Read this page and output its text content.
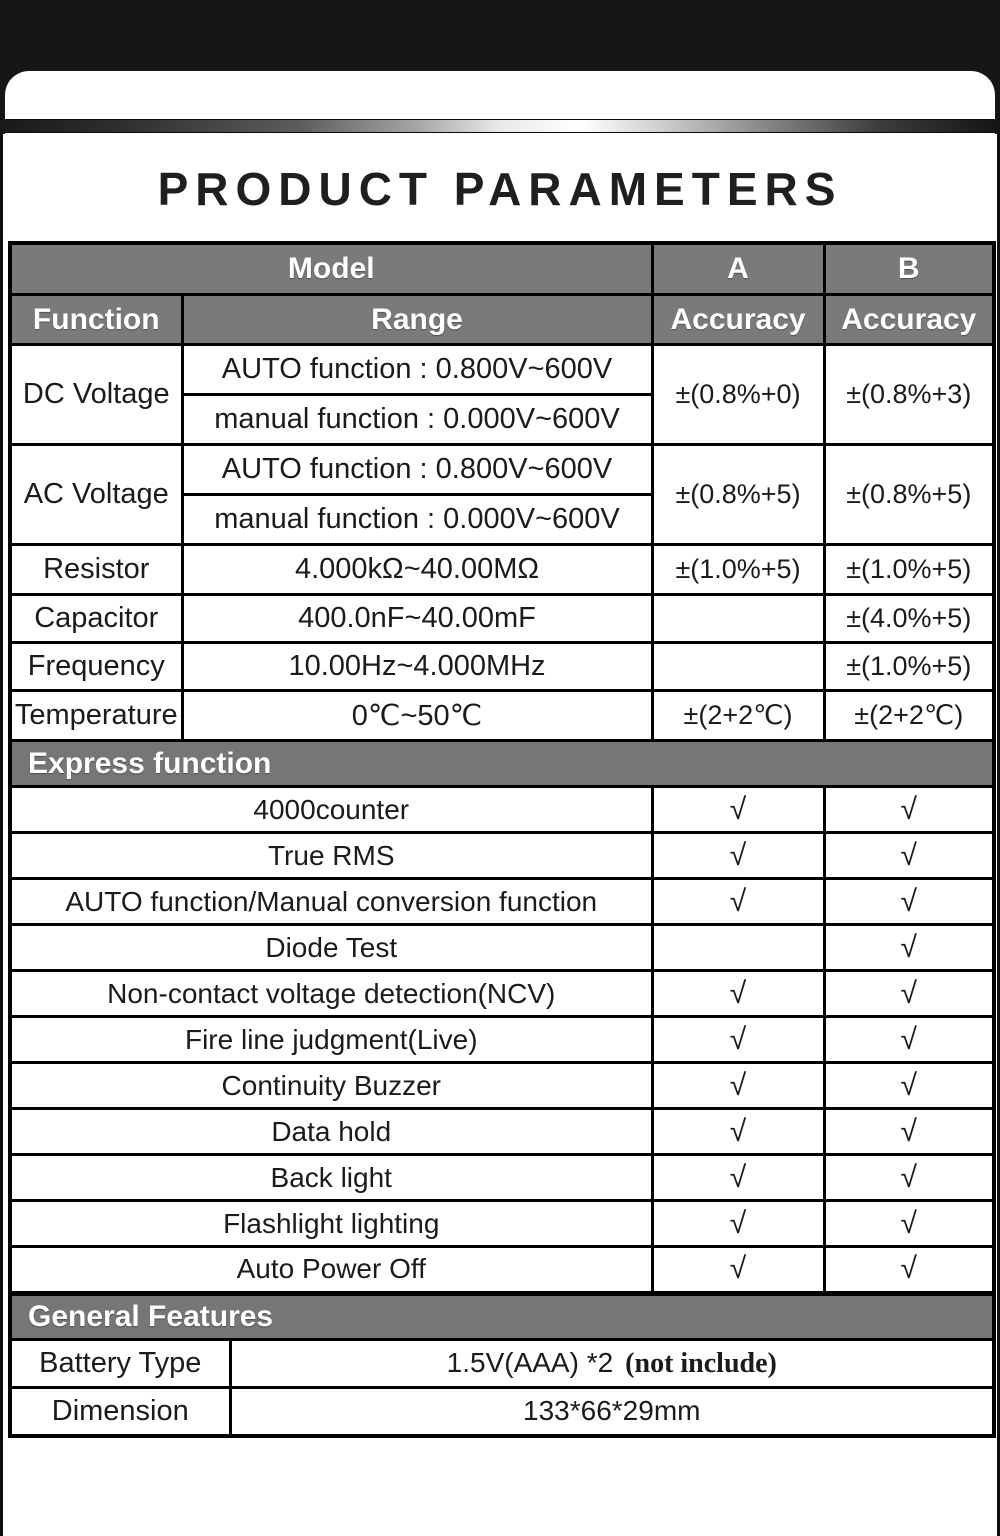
PRODUCT PARAMETERS
Model		A	B
Function	Range	Accuracy	Accuracy
DC Voltage	AUTO function : 0.800V~600V	±(0.8%+0)	±(0.8%+3)
	manual function : 0.000V~600V		
AC Voltage	AUTO function : 0.800V~600V	±(0.8%+5)	±(0.8%+5)
	manual function : 0.000V~600V		
Resistor	4.000kΩ~40.00MΩ	±(1.0%+5)	±(1.0%+5)
Capacitor	400.0nF~40.00mF		±(4.0%+5)
Frequency	10.00Hz~4.000MHz		±(1.0%+5)
Temperature	0℃~50℃	±(2+2℃)	±(2+2℃)
Express function			
4000counter		√	√
True RMS		√	√
AUTO function/Manual conversion function		√	√
Diode Test			√
Non-contact voltage detection(NCV)		√	√
Fire line judgment(Live)		√	√
Continuity Buzzer		√	√
Data hold		√	√
Back light		√	√
Flashlight lighting		√	√
Auto Power Off		√	√
General Features	
Battery Type	1.5V(AAA) *2 (not include)
Dimension	133*66*29mm
